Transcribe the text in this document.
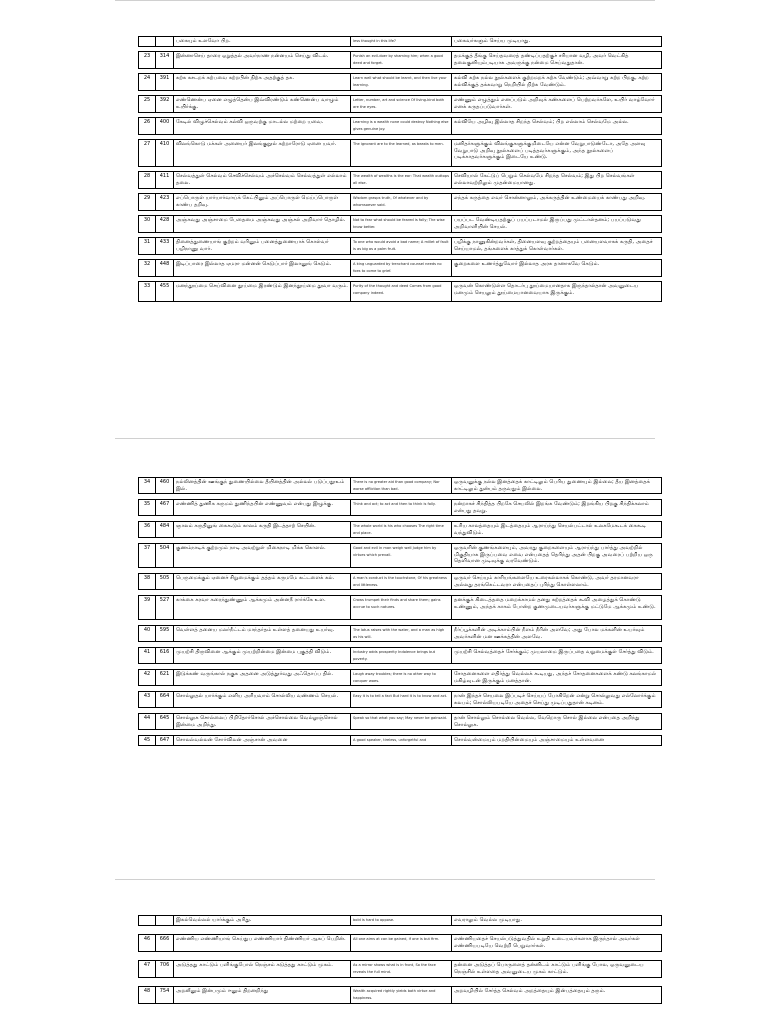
		பகையும் உளவோ பிற.	less thought in this life?	பகைவர்களும் செய்ய முடியாது.

23	314	இன்னாசெய் தாரை ஒறுத்தல் அவர்நாண நன்னயம் செய்து விடல்.	Punish an evil-doer by shaming him; when a good deed and forget.	தமக்குத் தீங்கு செய்தவரைத் தண்டிப்பதற்குச் சரியான வழி, அவர் வெட்கித் தலைகுனியும்படியாக அவருக்கு நன்மை செய்வதுதான்.

24	391	கற்க கசடறக் கற்பவை கற்றபின் நிற்க அதற்குத் தக.	Learn well what should be learnt, and then live your learning.	கல்வி கற்க நல்ல நூல்களைக் குற்றமறக் கற்க வேண்டும்; அவ்வாறு கற்ற பிறகு, கற்ற கல்விக்குத் தக்கவாறு நெறியில் நிற்க வேண்டும்.

25	392	எண்ணென்ப ஏனை எழுத்தென்ப இவ்விரண்டும் கண்ணென்ப வாழும் உயிர்க்கு.	Letter, number, art and science Of living-kind both are the eyes.	எண்ணும் எழுத்தும் எனப்படும் அறிவுக் கண்களைப் பெற்றவர்களே, உயிர் வாழ்வோர் எனக் கருதப்படுவார்கள்.

26	400	கேடில் விழுச்செல்வம் கல்வி ஒருவற்கு மாடல்ல மற்றை யவை.	Learning is a wealth none could destroy Nothing else gives genuine joy.	கல்வியே அழிவு இல்லாத சிறந்த செல்வம்; பிற எல்லாம் செல்வமே அல்ல.

27	410	விலங்கொடு மக்கள் அனையர் இலங்குநூல் கற்றாரோடு ஏனை யவர்.	The ignorant are to the learned, as beasts to men.	மனிதர்களுக்கும் விலங்குகளுக்குமிடையே என்ன வேறுபாடுண்டோ, அதே அளவு வேறுபாடு அறிவு நூல்களைப் படித்தவர்களுக்கும், அந்த நூல்களைப் படிக்காதவர்களுக்கும் இடையே உண்டு.

28	411	செல்வத்துள் செல்வம் செவிச்செல்வம் அச்செல்வம் செல்வத்துள் எல்லாம் தலை.	The wealth of wealths is the ear: That wealth outtops all else.	செவியால் கேட்டுப் பெறும் செல்வமே சிறந்த செல்வம்; இது பிற செல்வங்கள் எல்லாவற்றிலும் முதன்மையானது.

29	423	எப்பொருள் யார்யார்வாய்க் கேட்பினும் அப்பொருள் மெய்ப்பொருள் காண்ப தறிவு.	Wisdom grasps truth, Of whatever and by whomsoever said.	எந்தக் கருத்தை எவர் சொன்னாலும், அக்கருத்தின் உண்மையைக் காண்பது அறிவு.

30	428	அஞ்சுவது அஞ்சாமை பேதைமை அஞ்சுவது அஞ்சல் அறிவார் தொழில்.	Not to fear what should be feared is folly; The wise know better.	பயப்பட வேண்டியதற்குப் பயப்படாமல் இருப்பது முட்டாள்தனம்; பயப்படுவது அறிவாளியின் செயல்.

31	433	தினைத்துணையாங் குற்றம் வரினும் பனைத்துணையாக் கொள்வர் பழிநாணு வார்.	To one who would avoid a bad name; A millet of fault is as big as a palm fruit.	பழிக்கு நாணுகின்றவர்கள், தினையளவு குற்றத்தையும் பனையளவாகக் கருதி, அதைச் செய்யாமல், தங்களைக் காத்துக் கொள்வார்கள்.

32	448	இடிப்பாரை இல்லாத ஏமரா மன்னன் கெடுப்பார் இலானுங் கெடும்.	A king unguarded by trenchant counsel needs no foes to come to grief.	குறைகளை உணர்த்துவோர் இல்லாத அரசு தானாகவே கெடும்.

33	455	மனந்தூய்மை செய்வினை தூய்மை இரண்டும் இனந்தூய்மை தூவா வரும்.	Purity of the thought and deed Comes from good company indeed.	ஒருவன் கொண்டுள்ள தொடர்பு தூய்மையானதாக இருந்தால்தான் அவனுடைய மனமும் செயலும் தூய்மையானவையாக இருக்கும்.
34	460	நல்லினத்தின் ஊங்குந் துணையில்லை தீயினத்தின் அல்லல் படுப்பதூஉம் இல்.	There is no greater aid than good company; Nor worse affliction than bad.	ஒருவனுக்கு நல்ல இனத்தைக் காட்டிலும் பெரிய துணையும் இல்லை; தீய இனத்தைக் காட்டிலும் துன்பம் தருவதும் இல்லை.

35	467	எண்ணித் துணிக கருமம் துணிந்தபின் எண்ணுவம் என்பது இழுக்கு.	Think and act; to act and then to think is folly.	நன்றாகச் சிந்தித்த பிறகே செயலில் இறங்க வேண்டும்; இறங்கிய பிறகு சிந்திக்கலாம் என்பது தவறு.

36	484	ஞாலம் கருதினுங் கைகூடும் காலம் கருதி இடத்தாற் செயின்.	The whole world is his who chooses The right time and place.	உரிய காலத்தையும் இடத்தையும் ஆராய்ந்து செயல்பட்டால் உலகமேகூடக் கைகூடி வந்துவிடும்.

37	504	குணம்நாடிக் குற்றமும் நாடி அவற்றுள் மிகைநாடி மிக்க கொளல்.	Good and evil in man weigh well Judge him by virtues which prevail.	ஒருவரின் குணங்களையும், அவரது குறைகளையும் ஆராய்ந்து பார்த்து அவற்றில் மிகுதியாக இருப்பவை எவை என்பதைத் தெரிந்து அதன் பிறகு அவரைப் பற்றிய ஒரு தெளிவான முடிவுக்கு வரவேண்டும்.

38	505	பெருமைக்கும் ஏனைச் சிறுமைக்கும் தத்தம் கருமமே கட்டளைக் கல்.	A man's conduct is the touchstone, Of his greatness and littleness.	ஒருவர் செய்யும் காரியங்களையே உரைகல்லாகக் கொண்டு, அவர் தரமானவரா அல்லது தரங்கெட்டவரா என்பதைப் புரிந்து கொள்ளலாம்.

39	527	காக்கை கரவா கரைந்துண்ணும் ஆக்கமும் அன்னநீ ரார்க்கே உள.	Crows trumpet their finds and share them; gains accrue to such natures.	தனக்குக் கிடைத்ததை மறைக்காமல் தனது சுற்றத்தைக் கூவி அழைத்துக் கொண்டு உண்ணும், அந்தக் காகம் போன்ற குணமுடையவர்களுக்கு மட்டுமே ஆக்கமும் உண்டு.

40	595	வெள்ளத் தனைய மலர்நீட்டம் மாந்தர்தம் உள்ளத் தனையது உயர்வு.	The lotus raises with the water, and a man as high as his will.	நீர்ப்பூக்களின் அடிக்காம்பின் நீளம் நீரின் அளவே; அது போல மக்களின் உயர்வும் அவர்களின் மன ஊக்கத்தின் அளவே.

41	616	முயற்சி திருவினை ஆக்கும் முயற்றின்மை இன்மை புகுத்தி விடும்.	Industry adds prosperity Indolence brings but poverty.	முயற்சி செல்வத்தைச் சேர்க்கும்; முயலாமை இருப்பதை வறுமைக்குள் சேர்த்து விடும்.

42	621	இடுக்கண் வருங்கால் நகுக அதனை அடுத்தூர்வது அஃதொப்ப தில்.	Laugh away troubles; there is no other way to conquer woes.	சோதனைகளை எதிர்த்து வெல்லக் கூடியது, அந்தச் சோதனைகளைக் கண்டு கலங்காமல் மகிழ்வுடன் இருக்கும் மனத்தான்.

43	664	சொல்லுதல் யார்க்கும் எளிய அரியவாம் சொல்லிய வண்ணம் செயல்.	Easy it is to tell a fact But hard it is to know and act.	நான் இந்தச் செயலை இப்படிச் செய்யப் போகிறேன் என்று சொல்லுவது எல்லோர்க்கும் சுலபம்; சொல்லியபடியே அதைச் செய்து முடிப்பதுதான் கடினம்.

44	645	சொல்லுக சொல்லைப் பிறிதோர்சொல் அச்சொல்லை வெல்லுஞ்சொல் இன்மை அறிந்து.	Speak so that what you say; May never be gainsaid.	தான் சொல்லும் சொல்லை வெல்ல, வேறொரு சொல் இல்லை என்பதை அறிந்து சொல்லுக.

45	647	சொலல்வல்லன் சோர்விலன் அஞ்சான் அவனை	A good speaker, tireless, unforgetful and	சொல்வன்மையும் மறதியின்மையும் அஞ்சாமையும் உள்ளவனை
		இகல்வெல்லல் யார்க்கும் அரிது.	bold is hard to oppose.	எவராலும் வெல்ல முடியாது.

46	666	எண்ணிய எண்ணியாங் கெய்துப எண்ணியார் திண்ணியர் ஆகப் பெறின்.	All one aims at can be gained, if one is but firm.	எண்ணியதைச் செயல்படுத்துவதில் உறுதி உடையவர்களாக இருந்தால் அவர்கள் எண்ணியபடியே வெற்றி பெறுவார்கள்.

47	706	அடுத்தது காட்டும் பளிங்குபோல் நெஞ்சம் கடுத்தது காட்டும் முகம்.	As a mirror shows what is in front, So the face reveals the full mind.	தன்னை அடுத்தப் பொருளைத் தன்னிடம் காட்டும் பளிங்கு போல, ஒருவனுடைய நெஞ்சில் உள்ளதை அவனுடைய முகம் காட்டும்.

48	754	அறனீனும் இன்பமும் ஈனும் திறனறிந்து	Wealth acquired rightly yields both virtue and happiness.	அறவழியில் சேர்த்த செல்வம் அறத்தையும் இன்பத்தையும் தரும்.
